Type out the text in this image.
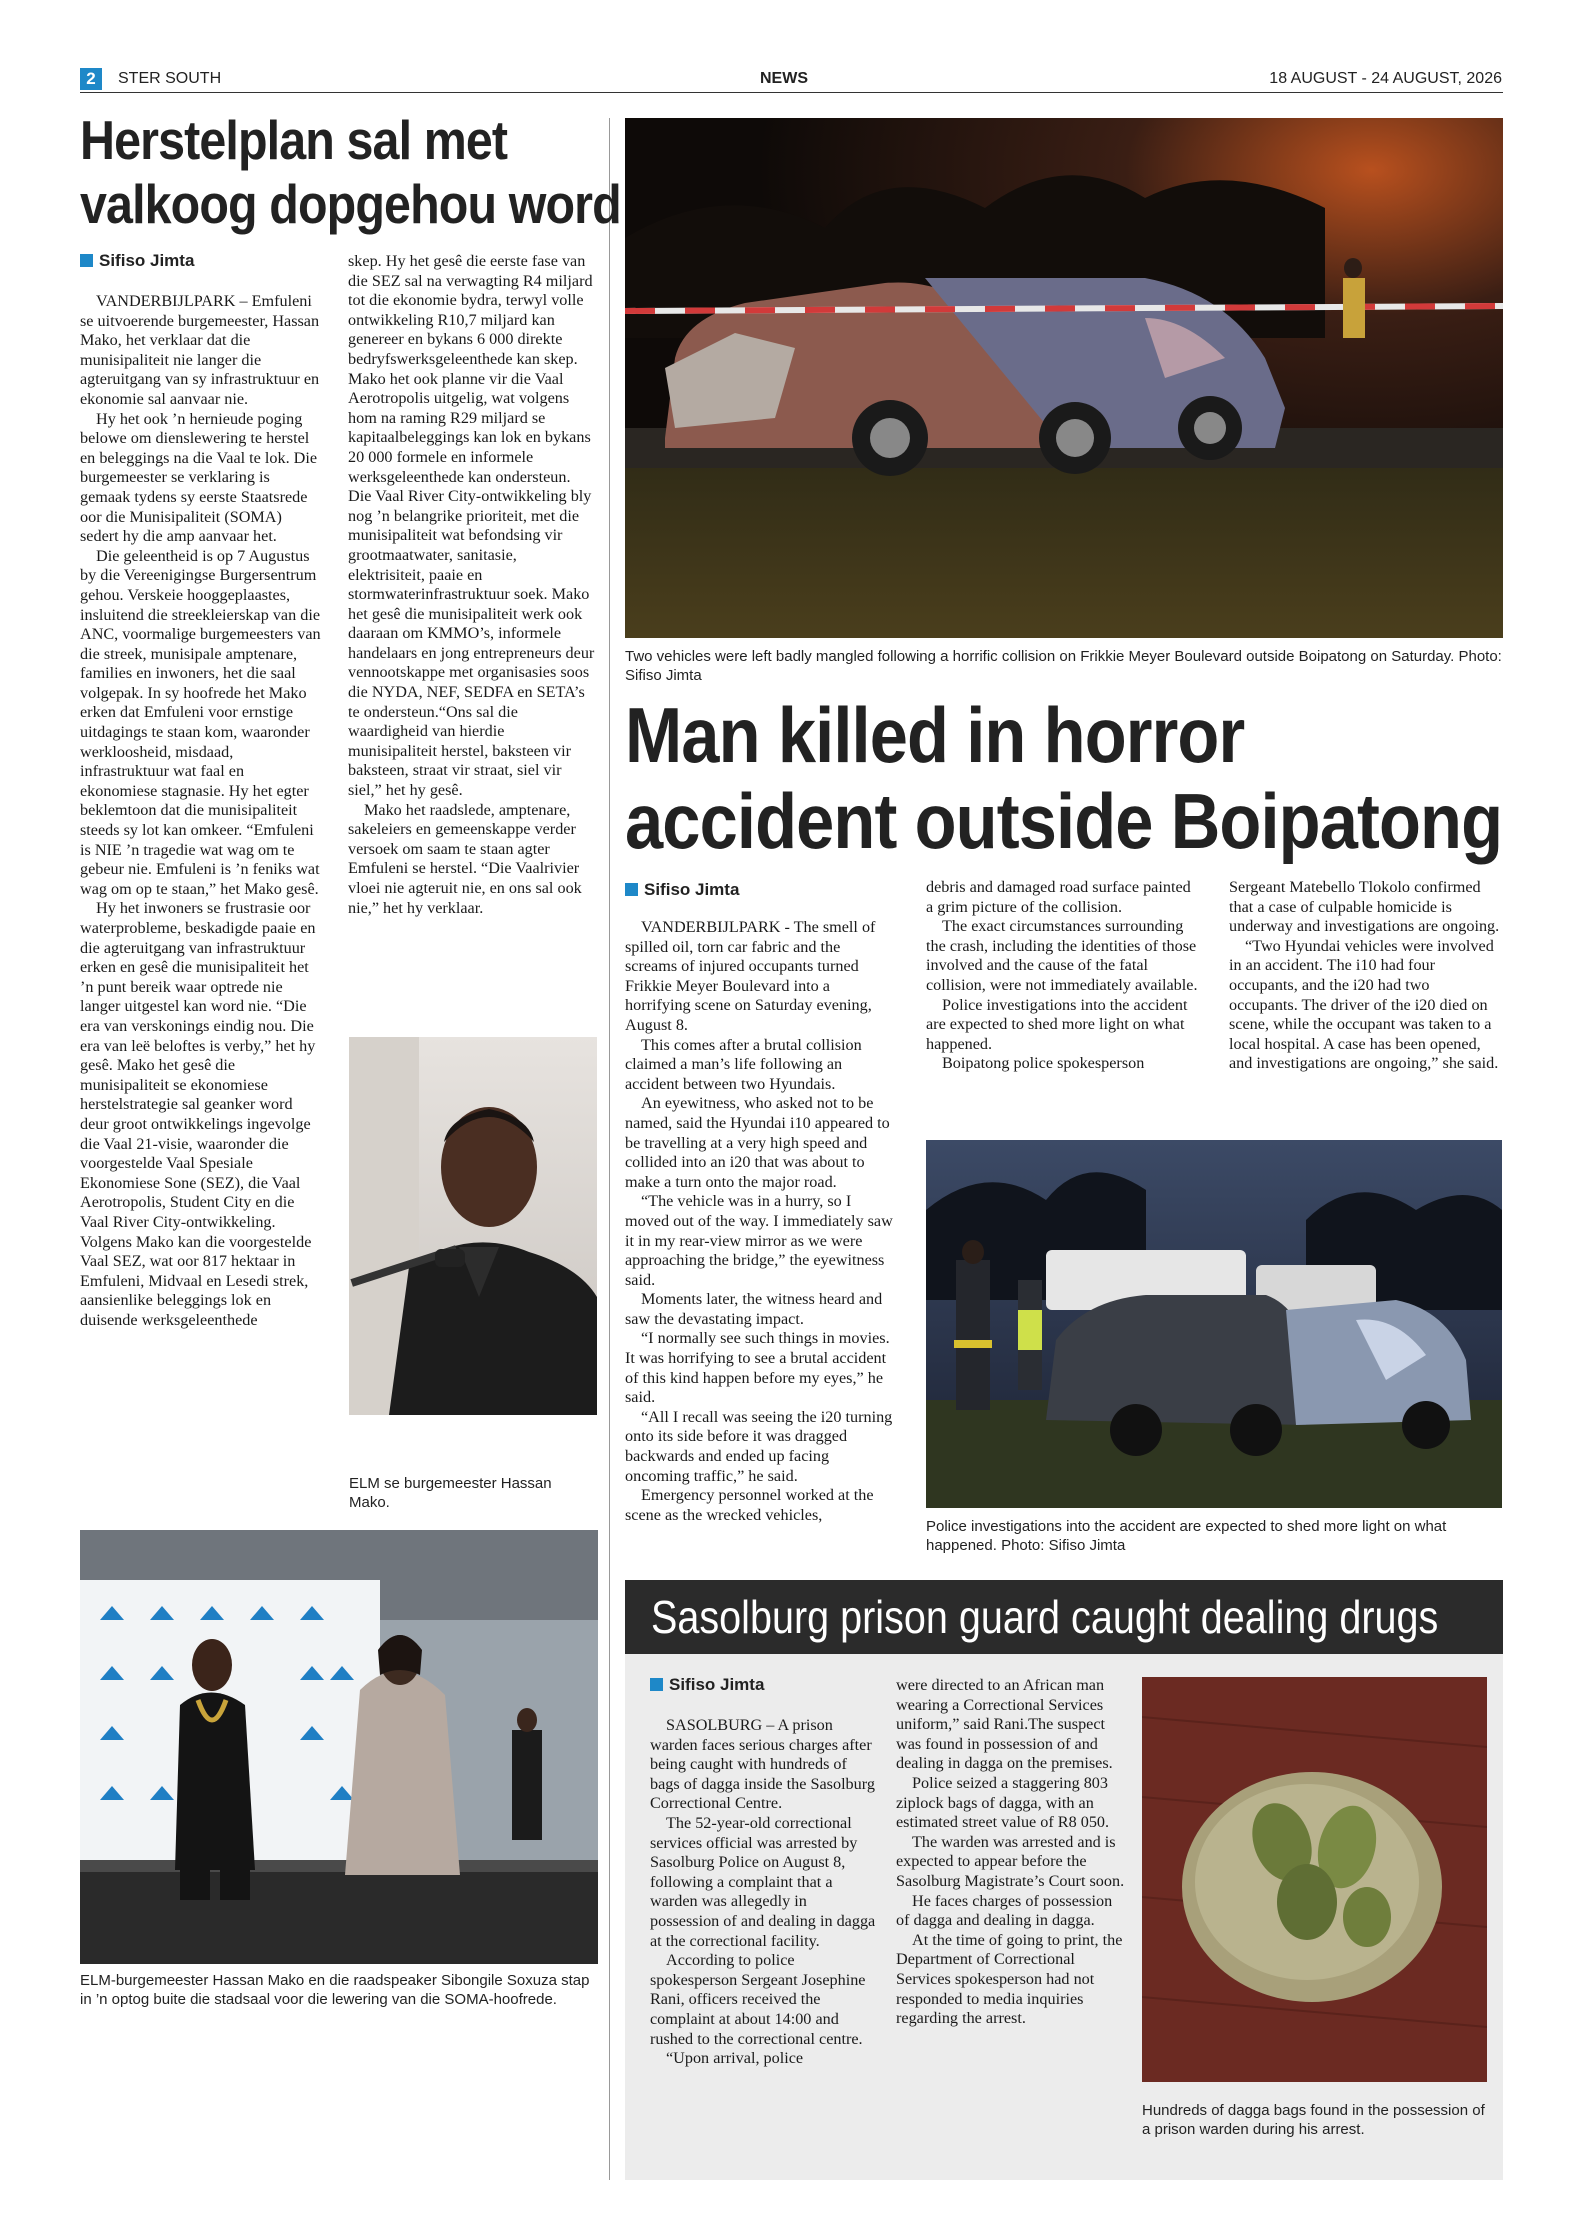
2	STER SOUTH	NEWS	18 AUGUST - 24 AUGUST, 2026
Herstelplan sal met
valkoog dopgehou word
Sifiso Jimta

VANDERBIJLPARK – Emfuleni se uitvoerende burgemeester, Hassan Mako, het verklaar dat die munisipaliteit nie langer die agteruitgang van sy infrastruktuur en ekonomie sal aanvaar nie.

Hy het ook ’n hernieude poging belowe om dienslewering te herstel en beleggings na die Vaal te lok. Die burgemeester se verklaring is gemaak tydens sy eerste Staatsrede oor die Munisipaliteit (SOMA) sedert hy die amp aanvaar het.

Die geleentheid is op 7 Augustus by die Vereenigingse Burgersentrum gehou. Verskeie hooggeplaastes, insluitend die streekleierskap van die ANC, voormalige burgemeesters van die streek, munisipale amptenare, families en inwoners, het die saal volgepak. In sy hoofrede het Mako erken dat Emfuleni voor ernstige uitdagings te staan kom, waaronder werkloosheid, misdaad, infrastruktuur wat faal en ekonomiese stagnasie. Hy het egter beklemtoon dat die munisipaliteit steeds sy lot kan omkeer. “Emfuleni is NIE ’n tragedie wat wag om te gebeur nie. Emfuleni is ’n feniks wat wag om op te staan,” het Mako gesê.

Hy het inwoners se frustrasie oor waterprobleme, beskadigde paaie en die agteruitgang van infrastruktuur erken en gesê die munisipaliteit het ’n punt bereik waar optrede nie langer uitgestel kan word nie. “Die era van verskonings eindig nou. Die era van leë beloftes is verby,” het hy gesê. Mako het gesê die munisipaliteit se ekonomiese herstelstrategie sal geanker word deur groot ontwikkelings ingevolge die Vaal 21-visie, waaronder die voorgestelde Vaal Spesiale Ekonomiese Sone (SEZ), die Vaal Aerotropolis, Student City en die Vaal River City-ontwikkeling. Volgens Mako kan die voorgestelde Vaal SEZ, wat oor 817 hektaar in Emfuleni, Midvaal en Lesedi strek, aansienlike beleggings lok en duisende werksgeleenthede

skep. Hy het gesê die eerste fase van die SEZ sal na verwagting R4 miljard tot die ekonomie bydra, terwyl volle ontwikkeling R10,7 miljard kan genereer en bykans 6 000 direkte bedryfswerksgeleenthede kan skep. Mako het ook planne vir die Vaal Aerotropolis uitgelig, wat volgens hom na raming R29 miljard se kapitaalbeleggings kan lok en bykans 20 000 formele en informele werksgeleenthede kan ondersteun. Die Vaal River City-ontwikkeling bly nog ’n belangrike prioriteit, met die munisipaliteit wat befondsing vir grootmaatwater, sanitasie, elektrisiteit, paaie en stormwaterinfrastruktuur soek. Mako het gesê die munisipaliteit werk ook daaraan om KMMO’s, informele handelaars en jong entrepreneurs deur vennootskappe met organisasies soos die NYDA, NEF, SEDFA en SETA’s te ondersteun.“Ons sal die waardigheid van hierdie munisipaliteit herstel, baksteen vir baksteen, straat vir straat, siel vir siel,” het hy gesê.

Mako het raadslede, amptenare, sakeleiers en gemeenskappe verder versoek om saam te staan agter Emfuleni se herstel. “Die Vaalrivier vloei nie agteruit nie, en ons sal ook nie,” het hy verklaar.

ELM se burgemeester Hassan Mako.
ELM-burgemeester Hassan Mako en die raadspeaker Sibongile Soxuza stap in ’n optog buite die stadsaal voor die lewering van die SOMA-hoofrede.
Two vehicles were left badly mangled following a horrific collision on Frikkie Meyer Boulevard outside Boipatong on Saturday. Photo: Sifiso Jimta
Man killed in horror
accident outside Boipatong
Sifiso Jimta

VANDERBIJLPARK - The smell of spilled oil, torn car fabric and the screams of injured occupants turned Frikkie Meyer Boulevard into a horrifying scene on Saturday evening, August 8.

This comes after a brutal collision claimed a man’s life following an accident between two Hyundais.

An eyewitness, who asked not to be named, said the Hyundai i10 appeared to be travelling at a very high speed and collided into an i20 that was about to make a turn onto the major road.

“The vehicle was in a hurry, so I moved out of the way. I immediately saw it in my rear-view mirror as we were approaching the bridge,” the eyewitness said.

Moments later, the witness heard and saw the devastating impact.

“I normally see such things in movies. It was horrifying to see a brutal accident of this kind happen before my eyes,” he said.

“All I recall was seeing the i20 turning onto its side before it was dragged backwards and ended up facing oncoming traffic,” he said.

Emergency personnel worked at the scene as the wrecked vehicles,

debris and damaged road surface painted a grim picture of the collision.

The exact circumstances surrounding the crash, including the identities of those involved and the cause of the fatal collision, were not immediately available.

Police investigations into the accident are expected to shed more light on what happened.

Boipatong police spokesperson

Sergeant Matebello Tlokolo confirmed that a case of culpable homicide is underway and investigations are ongoing.

“Two Hyundai vehicles were involved in an accident. The i10 had four occupants, and the i20 had two occupants. The driver of the i20 died on scene, while the occupant was taken to a local hospital. A case has been opened, and investigations are ongoing,” she said.

Police investigations into the accident are expected to shed more light on what happened. Photo: Sifiso Jimta
Sasolburg prison guard caught dealing drugs
Sifiso Jimta

SASOLBURG – A prison warden faces serious charges after being caught with hundreds of bags of dagga inside the Sasolburg Correctional Centre.

The 52-year-old correctional services official was arrested by Sasolburg Police on August 8, following a complaint that a warden was allegedly in possession of and dealing in dagga at the correctional facility.

According to police spokesperson Sergeant Josephine Rani, officers received the complaint at about 14:00 and rushed to the correctional centre.

“Upon arrival, police

were directed to an African man wearing a Correctional Services uniform,” said Rani.The suspect was found in possession of and dealing in dagga on the premises.

Police seized a staggering 803 ziplock bags of dagga, with an estimated street value of R8 050.

The warden was arrested and is expected to appear before the Sasolburg Magistrate’s Court soon.

He faces charges of possession of dagga and dealing in dagga.

At the time of going to print, the Department of Correctional Services spokesperson had not responded to media inquiries regarding the arrest.

Hundreds of dagga bags found in the possession of a prison warden during his arrest.
